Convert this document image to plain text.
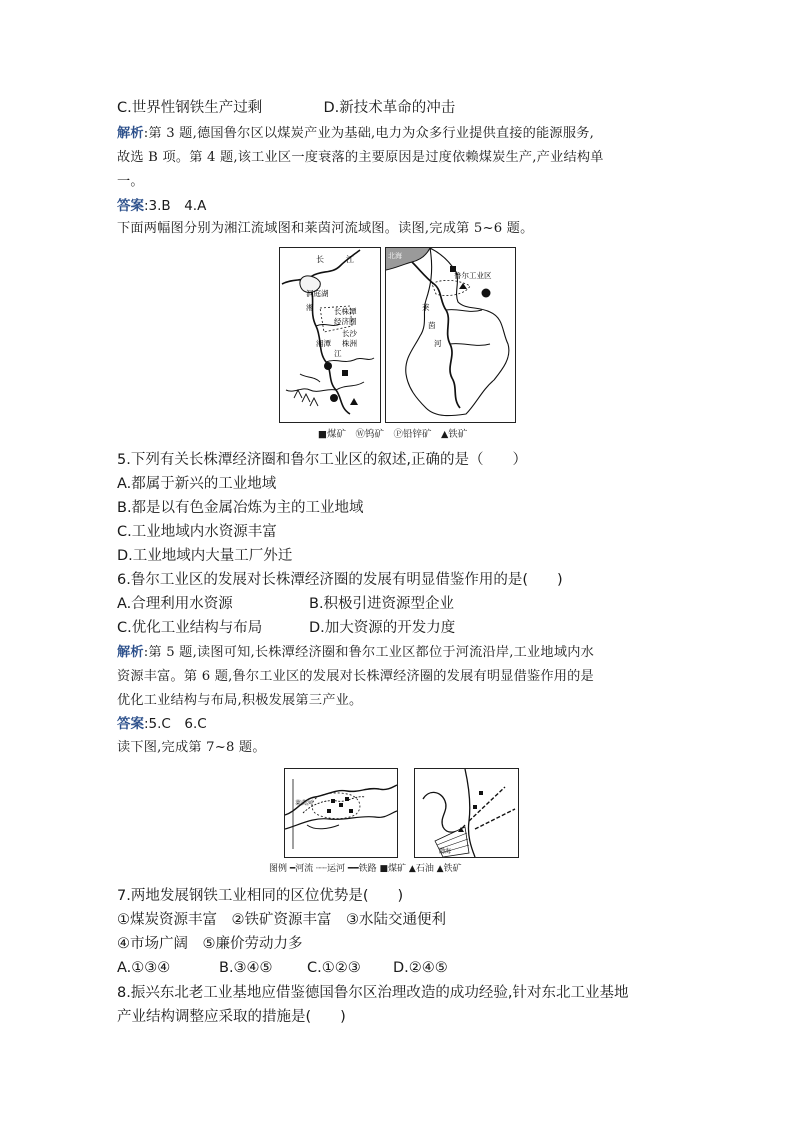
C.世界性钢铁生产过剩	D.新技术革命的冲击
解析:第 3 题,德国鲁尔区以煤炭产业为基础,电力为众多行业提供直接的能源服务,
故选 B 项。第 4 题,该工业区一度衰落的主要原因是过度依赖煤炭生产,产业结构单
一。
答案:3.B　4.A
下面两幅图分别为湘江流域图和莱茵河流域图。读图,完成第 5~6 题。
长	江
洞庭湖
湘	长株潭
经济圈
长沙
株洲
湘潭
江
北海
鲁尔工业区
莱
茵
河
■煤矿　Ⓦ钨矿　Ⓟ铅锌矿　▲铁矿
5.下列有关长株潭经济圈和鲁尔工业区的叙述,正确的是（　　）
A.都属于新兴的工业地域
B.都是以有色金属冶炼为主的工业地域
C.工业地域内水资源丰富
D.工业地域内大量工厂外迁
6.鲁尔工业区的发展对长株潭经济圈的发展有明显借鉴作用的是(　　)
A.合理利用水资源	B.积极引进资源型企业
C.优化工业结构与布局	D.加大资源的开发力度
解析:第 5 题,读图可知,长株潭经济圈和鲁尔工业区都位于河流沿岸,工业地域内水
资源丰富。第 6 题,鲁尔工业区的发展对长株潭经济圈的发展有明显借鉴作用的是
优化工业结构与布局,积极发展第三产业。
答案:5.C　6.C
读下图,完成第 7~8 题。
莱茵河
渤海
图例 ━河流 ┈┈运河 ━━铁路 ■煤矿 ▲石油 ▲铁矿
7.两地发展钢铁工业相同的区位优势是(　　)
①煤炭资源丰富　②铁矿资源丰富　③水陆交通便利
④市场广阔　⑤廉价劳动力多
A.①③④	B.③④⑤ C.①②③ D.②④⑤
8.振兴东北老工业基地应借鉴德国鲁尔区治理改造的成功经验,针对东北工业基地
产业结构调整应采取的措施是(　　)
